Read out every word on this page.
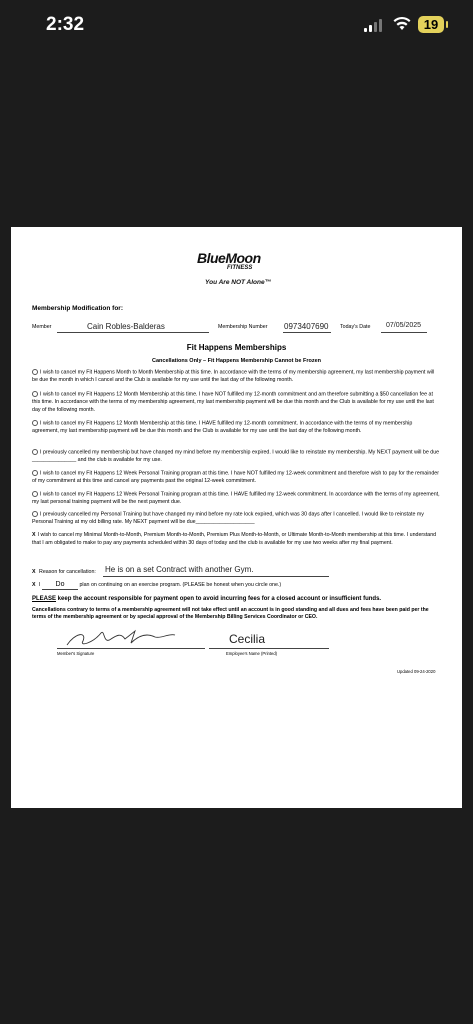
2:32	19
BlueMoon
FITNESS
You Are NOT Alone™
Membership Modification for:
Member	Cain Robles-Balderas	Membership Number 0973407690 Today's Date 07/05/2025
Fit Happens Memberships
Cancellations Only – Fit Happens Membership Cannot be Frozen
I wish to cancel my Fit Happens Month to Month Membership at this time. In accordance with the terms of my membership agreement, my last membership payment will be due the month in which I cancel and the Club is available for my use until the last day of the following month.
I wish to cancel my Fit Happens 12 Month Membership at this time. I have NOT fulfilled my 12-month commitment and am therefore submitting a $50 cancellation fee at this time. In accordance with the terms of my membership agreement, my last membership payment will be due this month and the Club is available for my use until the last day of the following month.
I wish to cancel my Fit Happens 12 Month Membership at this time. I HAVE fulfilled my 12-month commitment. In accordance with the terms of my membership agreement, my last membership payment will be due this month and the Club is available for my use until the last day of the following month.
I previously cancelled my membership but have changed my mind before my membership expired. I would like to reinstate my membership. My NEXT payment will be due _______________ and the club is available for my use.
I wish to cancel my Fit Happens 12 Week Personal Training program at this time. I have NOT fulfilled my 12-week commitment and therefore wish to pay for the remainder of my commitment at this time and cancel any payments past the original 12-week commitment.
I wish to cancel my Fit Happens 12 Week Personal Training program at this time. I HAVE fulfilled my 12-week commitment. In accordance with the terms of my agreement, my last personal training payment will be the next payment due.
I previously cancelled my Personal Training but have changed my mind before my rate lock expired, which was 30 days after I cancelled. I would like to reinstate my Personal Training at my old billing rate. My NEXT payment will be due____________________
X I wish to cancel my Minimal Month-to-Month, Premium Month-to-Month, Premium Plus Month-to-Month, or Ultimate Month-to-Month membership at this time. I understand that I am obligated to make to pay any payments scheduled within 30 days of today and the club is available for my use two weeks after my final payment.
X Reason for cancellation: He is on a set Contract with another Gym.
X I Do	plan on continuing on an exercise program. (PLEASE be honest when you circle one.)
PLEASE keep the account responsible for payment open to avoid incurring fees for a closed account or insufficient funds.
Cancellations contrary to terms of a membership agreement will not take effect until an account is in good standing and all dues and fees have been paid per the terms of the membership agreement or by special approval of the Membership Billing Services Coordinator or CEO.
Cecilia
Member's Signature	Employee's Name (Printed)
Updated 09-24-2020
